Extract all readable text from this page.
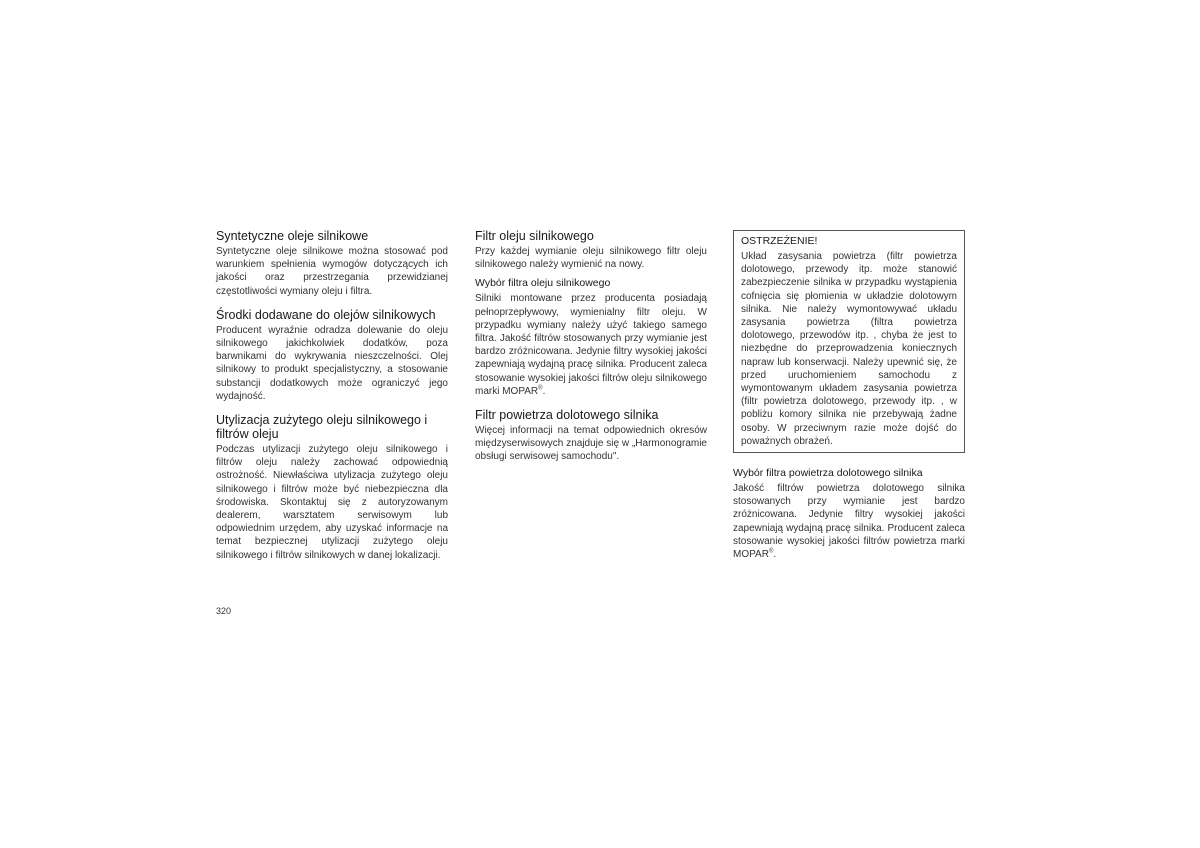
Syntetyczne oleje silnikowe

Syntetyczne oleje silnikowe można stosować pod warunkiem spełnienia wymogów dotyczących ich jakości oraz przestrzegania przewidzianej częstotliwości wymiany oleju i filtra.

Środki dodawane do olejów silnikowych

Producent wyraźnie odradza dolewanie do oleju silnikowego jakichkolwiek dodatków, poza barwnikami do wykrywania nieszczelności. Olej silnikowy to produkt specjalistyczny, a stosowanie substancji dodatkowych może ograniczyć jego wydajność.

Utylizacja zużytego oleju silnikowego i filtrów oleju

Podczas utylizacji zużytego oleju silnikowego i filtrów oleju należy zachować odpowiednią ostrożność. Niewłaściwa utylizacja zużytego oleju silnikowego i filtrów może być niebezpieczna dla środowiska. Skontaktuj się z autoryzowanym dealerem, warsztatem serwisowym lub odpowiednim urzędem, aby uzyskać informacje na temat bezpiecznej utylizacji zużytego oleju silnikowego i filtrów silnikowych w danej lokalizacji.

Filtr oleju silnikowego

Przy każdej wymianie oleju silnikowego filtr oleju silnikowego należy wymienić na nowy.

Wybór filtra oleju silnikowego

Silniki montowane przez producenta posiadają pełnoprzepływowy, wymienialny filtr oleju. W przypadku wymiany należy użyć takiego samego filtra. Jakość filtrów stosowanych przy wymianie jest bardzo zróżnicowana. Jedynie filtry wysokiej jakości zapewniają wydajną pracę silnika. Producent zaleca stosowanie wysokiej jakości filtrów oleju silnikowego marki MOPAR®.

Filtr powietrza dolotowego silnika

Więcej informacji na temat odpowiednich okresów międzyserwisowych znajduje się w „Harmonogramie obsługi serwisowej samochodu".

OSTRZEŻENIE!

Układ zasysania powietrza (filtr powietrza dolotowego, przewody itp. może stanowić zabezpieczenie silnika w przypadku wystąpienia cofnięcia się płomienia w układzie dolotowym silnika. Nie należy wymontowywać układu zasysania powietrza (filtra powietrza dolotowego, przewodów itp. , chyba że jest to niezbędne do przeprowadzenia koniecznych napraw lub konserwacji. Należy upewnić się, że przed uruchomieniem samochodu z wymontowanym układem zasysania powietrza (filtr powietrza dolotowego, przewody itp. , w pobliżu komory silnika nie przebywają żadne osoby. W przeciwnym razie może dojść do poważnych obrażeń.

Wybór filtra powietrza dolotowego silnika

Jakość filtrów powietrza dolotowego silnika stosowanych przy wymianie jest bardzo zróżnicowana. Jedynie filtry wysokiej jakości zapewniają wydajną pracę silnika. Producent zaleca stosowanie wysokiej jakości filtrów powietrza marki MOPAR®.

320
